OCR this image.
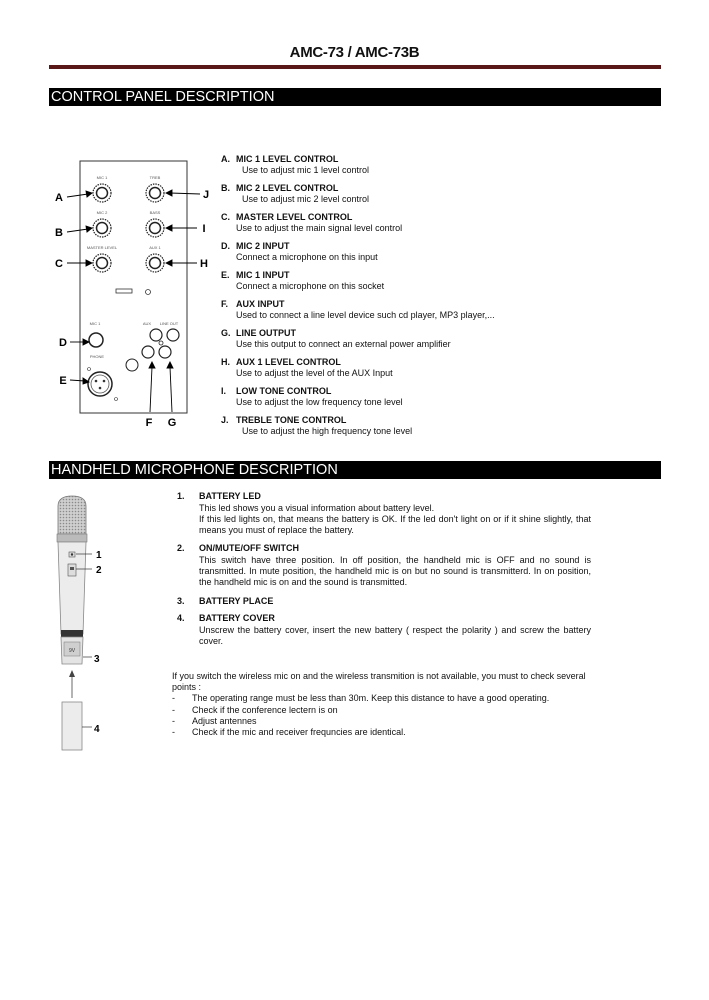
AMC-73 / AMC-73B
CONTROL PANEL DESCRIPTION
MIC 1	TREB
MIC 2	BASS
MASTER LEVEL	AUX 1
MIC 1	AUX LINE OUT
PHONE
A
B
C
D
E
F G
H
I
J
A. MIC 1 LEVEL CONTROL
Use to adjust mic 1 level control
B. MIC 2 LEVEL CONTROL
Use to adjust mic 2 level control
C. MASTER LEVEL CONTROL
Use to adjust the main signal level control
D. MIC 2 INPUT
Connect a microphone on this input
E. MIC 1 INPUT
Connect a microphone on this socket
F. AUX INPUT
Used to connect a line level device such cd player, MP3 player,...
G. LINE OUTPUT
Use this output to connect an external power amplifier
H. AUX 1 LEVEL CONTROL
Use to adjust the level of the AUX Input
I. LOW TONE CONTROL
Use to adjust the low frequency tone level
J. TREBLE TONE CONTROL
Use to adjust the high frequency tone level
HANDHELD MICROPHONE DESCRIPTION
9V
1
2
3
4
1. BATTERY LED
This led shows you a visual information about battery level.
If this led lights on, that means the battery is OK. If the led don't light on or if it shine slightly, that means you must of replace the battery.
2. ON/MUTE/OFF SWITCH
This switch have three position. In off position, the handheld mic is OFF and no sound is transmitted. In mute position, the handheld mic is on but no sound is transmitterd. In on position, the handheld mic is on and the sound is transmitted.
3. BATTERY PLACE
4. BATTERY COVER
Unscrew the battery cover, insert the new battery ( respect the polarity ) and screw the battery cover.
If you switch the wireless mic on and the wireless transmition is not available, you must to check several points :
-	The operating range must be less than 30m. Keep this distance to have a good operating.
-	Check if the conference lectern is on
-	Adjust antennes
-	Check if the mic and receiver frequncies are identical.
